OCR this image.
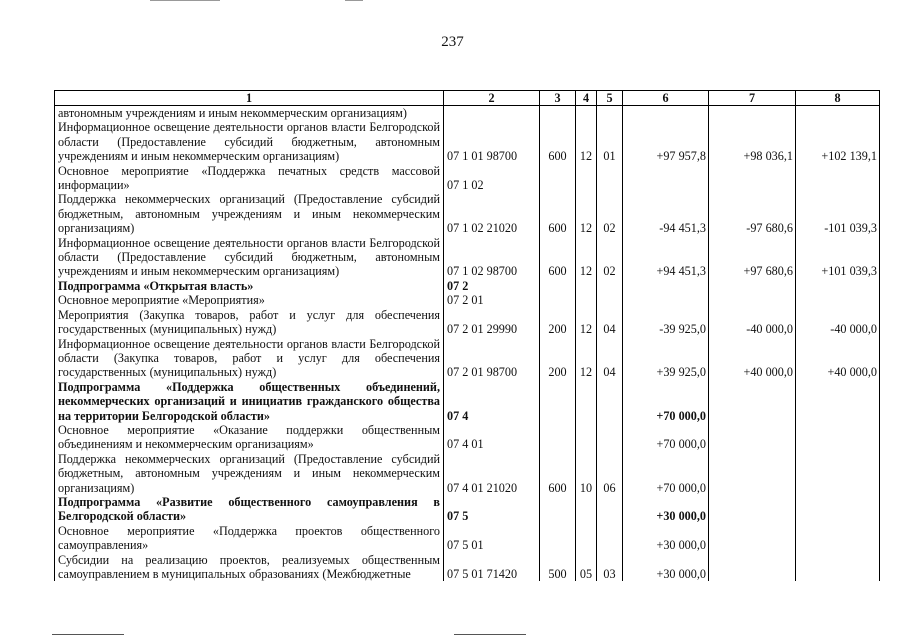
237
1	2	3	4	5	6	7	8
автономным учреждениям и иным некоммерческим организациям)							
Информационное освещение деятельности органов власти Белгородской области (Предоставление субсидий бюджетным, автономным учреждениям и иным некоммерческим организациям)	07 1 01 98700	600	12	01	+97 957,8	+98 036,1	+102 139,1
Основное мероприятие «Поддержка печатных средств массовой информации»	07 1 02						
Поддержка некоммерческих организаций (Предоставление субсидий бюджетным, автономным учреждениям и иным некоммерческим организациям)	07 1 02 21020	600	12	02	-94 451,3	-97 680,6	-101 039,3
Информационное освещение деятельности органов власти Белгородской области (Предоставление субсидий бюджетным, автономным учреждениям и иным некоммерческим организациям)	07 1 02 98700	600	12	02	+94 451,3	+97 680,6	+101 039,3
Подпрограмма «Открытая власть»	07 2						
Основное мероприятие «Мероприятия»	07 2 01						
Мероприятия (Закупка товаров, работ и услуг для обеспечения государственных (муниципальных) нужд)	07 2 01 29990	200	12	04	-39 925,0	-40 000,0	-40 000,0
Информационное освещение деятельности органов власти Белгородской области (Закупка товаров, работ и услуг для обеспечения государственных (муниципальных) нужд)	07 2 01 98700	200	12	04	+39 925,0	+40 000,0	+40 000,0
Подпрограмма «Поддержка общественных объединений, некоммерческих организаций и инициатив гражданского общества на территории Белгородской области»	07 4				+70 000,0		
Основное мероприятие «Оказание поддержки общественным объединениям и некоммерческим организациям»	07 4 01				+70 000,0		
Поддержка некоммерческих организаций (Предоставление субсидий бюджетным, автономным учреждениям и иным некоммерческим организациям)	07 4 01 21020	600	10	06	+70 000,0		
Подпрограмма «Развитие общественного самоуправления в Белгородской области»	07 5				+30 000,0		
Основное мероприятие «Поддержка проектов общественного самоуправления»	07 5 01				+30 000,0		
Субсидии на реализацию проектов, реализуемых общественным самоуправлением в муниципальных образованиях (Межбюджетные	07 5 01 71420	500	05	03	+30 000,0		
